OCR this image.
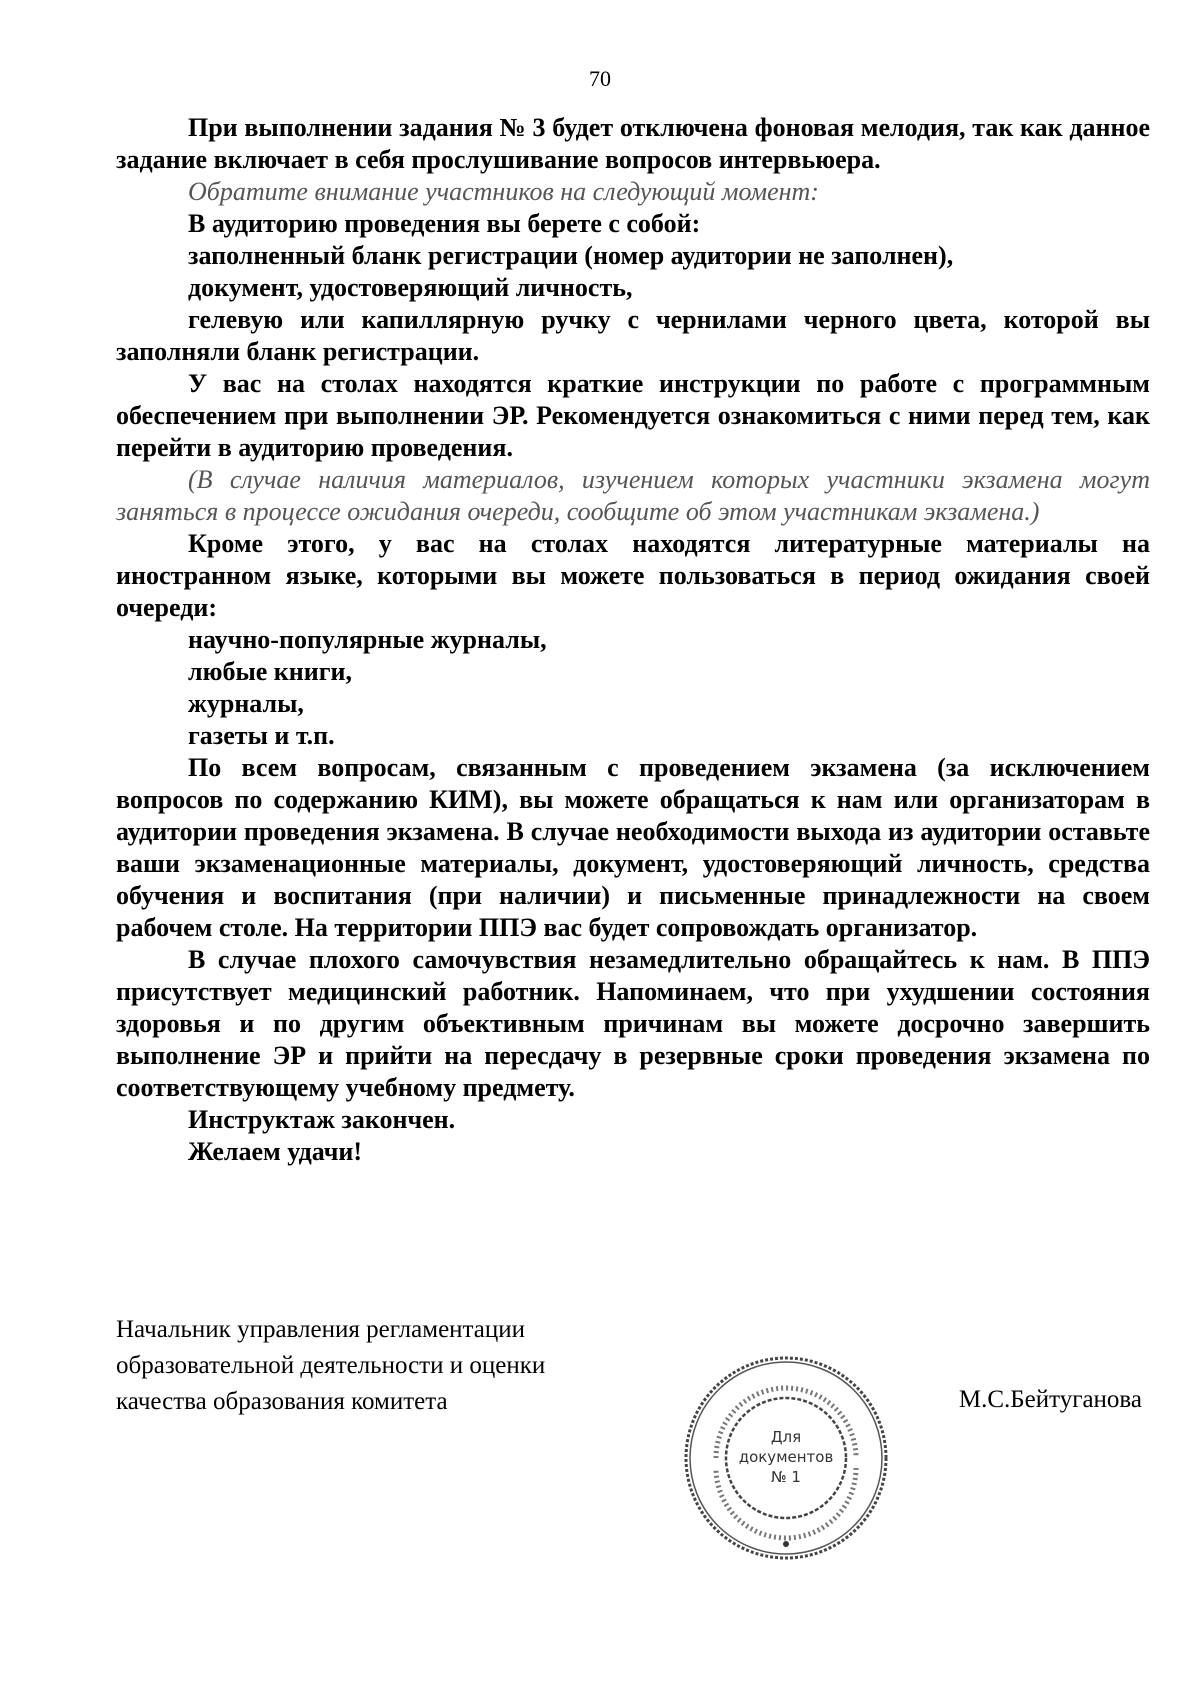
70

При выполнении задания № 3 будет отключена фоновая мелодия, так как данное задание включает в себя прослушивание вопросов интервьюера.

Обратите внимание участников на следующий момент:

В аудиторию проведения вы берете с собой:

заполненный бланк регистрации (номер аудитории не заполнен),

документ, удостоверяющий личность,

гелевую или капиллярную ручку с чернилами черного цвета, которой вы заполняли бланк регистрации.

У вас на столах находятся краткие инструкции по работе с программным обеспечением при выполнении ЭР. Рекомендуется ознакомиться с ними перед тем, как перейти в аудиторию проведения.

(В случае наличия материалов, изучением которых участники экзамена могут заняться в процессе ожидания очереди, сообщите об этом участникам экзамена.)

Кроме этого, у вас на столах находятся литературные материалы на иностранном языке, которыми вы можете пользоваться в период ожидания своей очереди:

научно-популярные журналы,

любые книги,

журналы,

газеты и т.п.

По всем вопросам, связанным с проведением экзамена (за исключением вопросов по содержанию КИМ), вы можете обращаться к нам или организаторам в аудитории проведения экзамена. В случае необходимости выхода из аудитории оставьте ваши экзаменационные материалы, документ, удостоверяющий личность, средства обучения и воспитания (при наличии) и письменные принадлежности на своем рабочем столе. На территории ППЭ вас будет сопровождать организатор.

В случае плохого самочувствия незамедлительно обращайтесь к нам. В ППЭ присутствует медицинский работник. Напоминаем, что при ухудшении состояния здоровья и по другим объективным причинам вы можете досрочно завершить выполнение ЭР и прийти на пересдачу в резервные сроки проведения экзамена по соответствующему учебному предмету.

Инструктаж закончен.

Желаем удачи!

Начальник управления регламентации
образовательной деятельности и оценки
качества образования комитета
Для
документов
№ 1
М.С.Бейтуганова
